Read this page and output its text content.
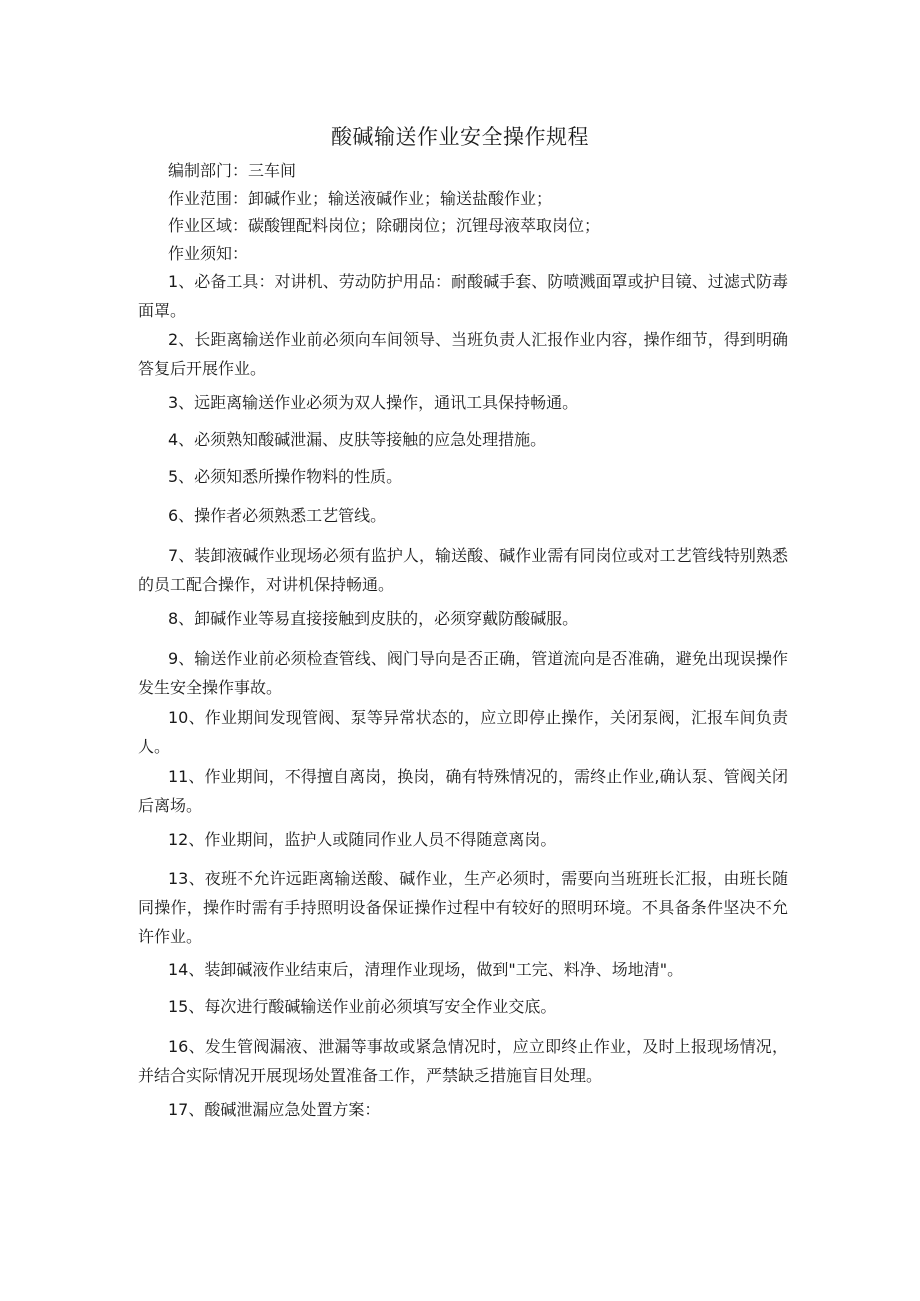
酸碱输送作业安全操作规程
编制部门：三车间
作业范围：卸碱作业；输送液碱作业；输送盐酸作业；
作业区域：碳酸锂配料岗位；除硼岗位；沉锂母液萃取岗位；
作业须知：
1、必备工具：对讲机、劳动防护用品：耐酸碱手套、防喷溅面罩或护目镜、过滤式防毒面罩。
2、长距离输送作业前必须向车间领导、当班负责人汇报作业内容，操作细节，得到明确答复后开展作业。
3、远距离输送作业必须为双人操作，通讯工具保持畅通。
4、必须熟知酸碱泄漏、皮肤等接触的应急处理措施。
5、必须知悉所操作物料的性质。
6、操作者必须熟悉工艺管线。
7、装卸液碱作业现场必须有监护人，输送酸、碱作业需有同岗位或对工艺管线特别熟悉的员工配合操作，对讲机保持畅通。
8、卸碱作业等易直接接触到皮肤的，必须穿戴防酸碱服。
9、输送作业前必须检查管线、阀门导向是否正确，管道流向是否准确，避免出现误操作发生安全操作事故。
10、作业期间发现管阀、泵等异常状态的，应立即停止操作，关闭泵阀，汇报车间负责人。
11、作业期间，不得擅自离岗，换岗，确有特殊情况的，需终止作业,确认泵、管阀关闭后离场。
12、作业期间，监护人或随同作业人员不得随意离岗。
13、夜班不允许远距离输送酸、碱作业，生产必须时，需要向当班班长汇报，由班长随同操作，操作时需有手持照明设备保证操作过程中有较好的照明环境。不具备条件坚决不允许作业。
14、装卸碱液作业结束后，清理作业现场，做到"工完、料净、场地清"。
15、每次进行酸碱输送作业前必须填写安全作业交底。
16、发生管阀漏液、泄漏等事故或紧急情况时，应立即终止作业，及时上报现场情况，并结合实际情况开展现场处置准备工作，严禁缺乏措施盲目处理。
17、酸碱泄漏应急处置方案：
